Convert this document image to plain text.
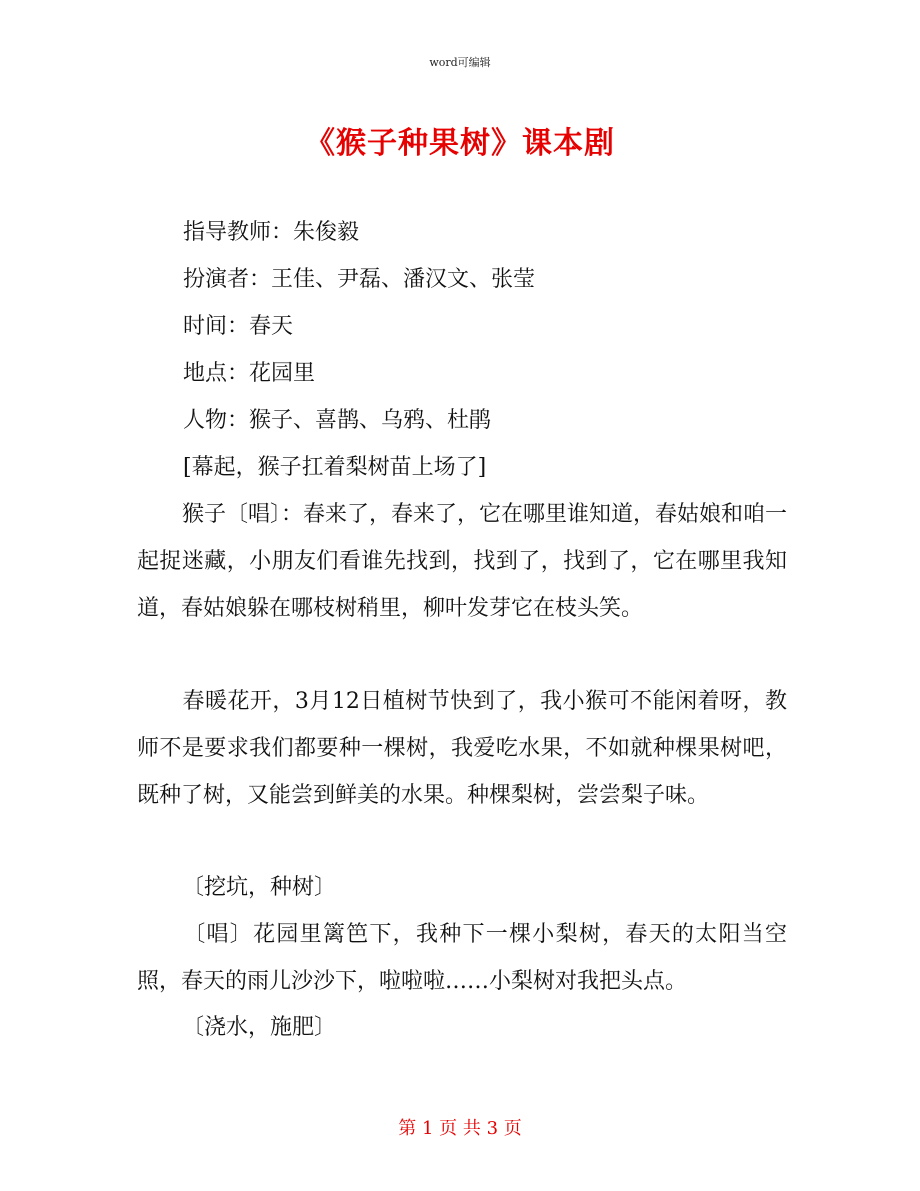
word可编辑
《猴子种果树》课本剧
指导教师：朱俊毅
扮演者：王佳、尹磊、潘汉文、张莹
时间：春天
地点：花园里
人物：猴子、喜鹊、乌鸦、杜鹃
[幕起，猴子扛着梨树苗上场了]
猴子〔唱〕：春来了，春来了，它在哪里谁知道，春姑娘和咱一起捉迷藏，小朋友们看谁先找到，找到了，找到了，它在哪里我知道，春姑娘躲在哪枝树稍里，柳叶发芽它在枝头笑。
春暖花开，3月12日植树节快到了，我小猴可不能闲着呀，教师不是要求我们都要种一棵树，我爱吃水果，不如就种棵果树吧，既种了树，又能尝到鲜美的水果。种棵梨树，尝尝梨子味。
〔挖坑，种树〕
〔唱〕花园里篱笆下，我种下一棵小梨树，春天的太阳当空照，春天的雨儿沙沙下，啦啦啦……小梨树对我把头点。
〔浇水，施肥〕
第 1 页 共 3 页
